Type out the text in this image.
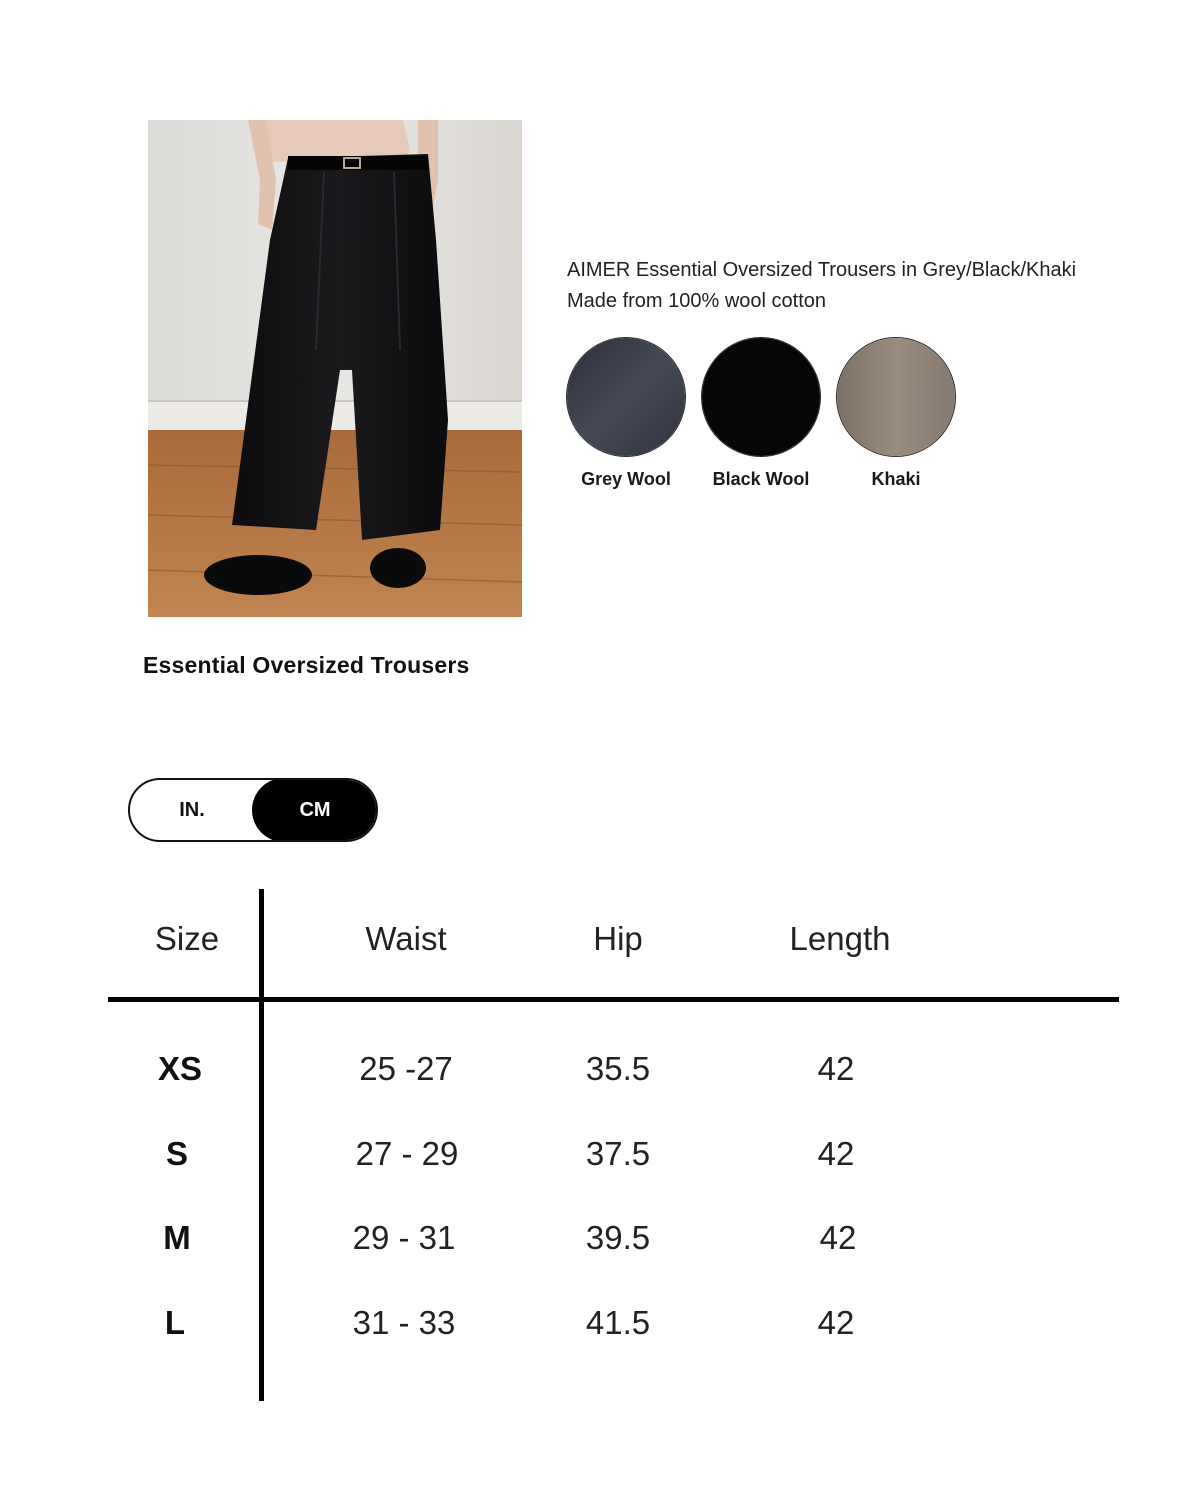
Essential Oversized Trousers
AIMER Essential Oversized Trousers in Grey/Black/Khaki
Made from 100% wool cotton
Grey Wool	Black Wool	Khaki
IN.	CM
Size	Waist	Hip	Length
XS	25 -27	35.5	42
S	27 - 29	37.5	42
M	29 - 31	39.5	42
L	31 - 33	41.5	42
